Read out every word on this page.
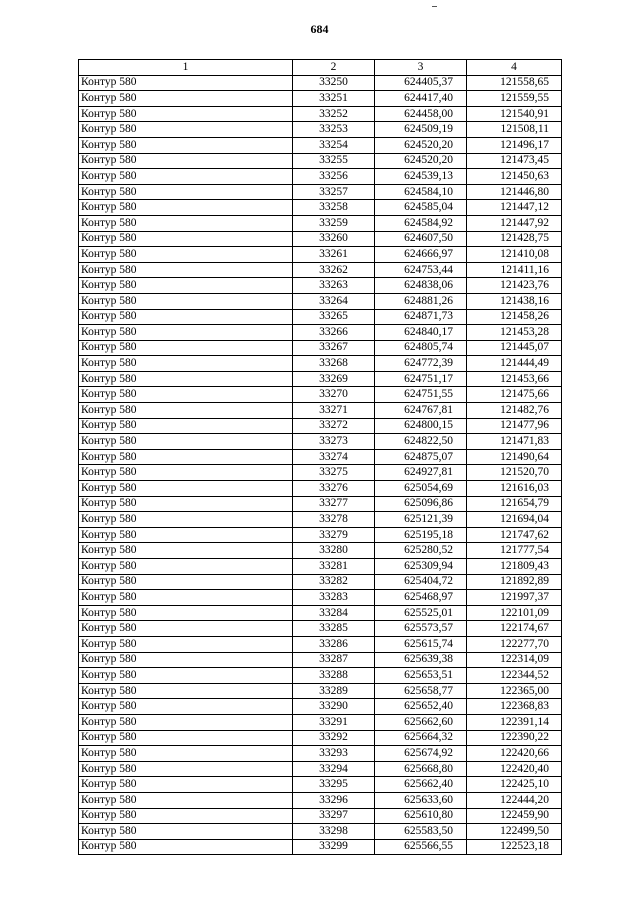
684
1	2	3	4
Контур 580	33250	624405,37	121558,65
Контур 580	33251	624417,40	121559,55
Контур 580	33252	624458,00	121540,91
Контур 580	33253	624509,19	121508,11
Контур 580	33254	624520,20	121496,17
Контур 580	33255	624520,20	121473,45
Контур 580	33256	624539,13	121450,63
Контур 580	33257	624584,10	121446,80
Контур 580	33258	624585,04	121447,12
Контур 580	33259	624584,92	121447,92
Контур 580	33260	624607,50	121428,75
Контур 580	33261	624666,97	121410,08
Контур 580	33262	624753,44	121411,16
Контур 580	33263	624838,06	121423,76
Контур 580	33264	624881,26	121438,16
Контур 580	33265	624871,73	121458,26
Контур 580	33266	624840,17	121453,28
Контур 580	33267	624805,74	121445,07
Контур 580	33268	624772,39	121444,49
Контур 580	33269	624751,17	121453,66
Контур 580	33270	624751,55	121475,66
Контур 580	33271	624767,81	121482,76
Контур 580	33272	624800,15	121477,96
Контур 580	33273	624822,50	121471,83
Контур 580	33274	624875,07	121490,64
Контур 580	33275	624927,81	121520,70
Контур 580	33276	625054,69	121616,03
Контур 580	33277	625096,86	121654,79
Контур 580	33278	625121,39	121694,04
Контур 580	33279	625195,18	121747,62
Контур 580	33280	625280,52	121777,54
Контур 580	33281	625309,94	121809,43
Контур 580	33282	625404,72	121892,89
Контур 580	33283	625468,97	121997,37
Контур 580	33284	625525,01	122101,09
Контур 580	33285	625573,57	122174,67
Контур 580	33286	625615,74	122277,70
Контур 580	33287	625639,38	122314,09
Контур 580	33288	625653,51	122344,52
Контур 580	33289	625658,77	122365,00
Контур 580	33290	625652,40	122368,83
Контур 580	33291	625662,60	122391,14
Контур 580	33292	625664,32	122390,22
Контур 580	33293	625674,92	122420,66
Контур 580	33294	625668,80	122420,40
Контур 580	33295	625662,40	122425,10
Контур 580	33296	625633,60	122444,20
Контур 580	33297	625610,80	122459,90
Контур 580	33298	625583,50	122499,50
Контур 580	33299	625566,55	122523,18
